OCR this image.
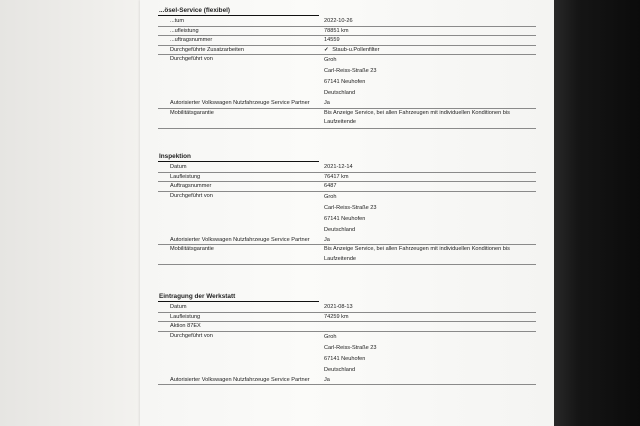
...ösel-Service (flexibel)
...tum	2022-10-26
...ufleistung	78851 km
...uftragsnummer	14559
Durchgeführte Zusatzarbeiten	✓ Staub-u.Pollenfilter
Durchgeführt von	Groh
Carl-Reiss-Straße 23
67141 Neuhofen
Deutschland
Autorisierter Volkswagen Nutzfahrzeuge Service Partner	Ja
Mobilitätsgarantie	Bis Anzeige Service, bei allen Fahrzeugen mit individuellen Konditionen bis Laufzeitende
Inspektion
Datum	2021-12-14
Laufleistung	76417 km
Auftragsnummer	6487
Durchgeführt von	Groh
Carl-Reiss-Straße 23
67141 Neuhofen
Deutschland
Autorisierter Volkswagen Nutzfahrzeuge Service Partner	Ja
Mobilitätsgarantie	Bis Anzeige Service, bei allen Fahrzeugen mit individuellen Konditionen bis Laufzeitende
Eintragung der Werkstatt
Datum	2021-08-13
Laufleistung	74259 km
Aktion 87EX
Durchgeführt von	Groh
Carl-Reiss-Straße 23
67141 Neuhofen
Deutschland
Autorisierter Volkswagen Nutzfahrzeuge Service Partner	Ja
